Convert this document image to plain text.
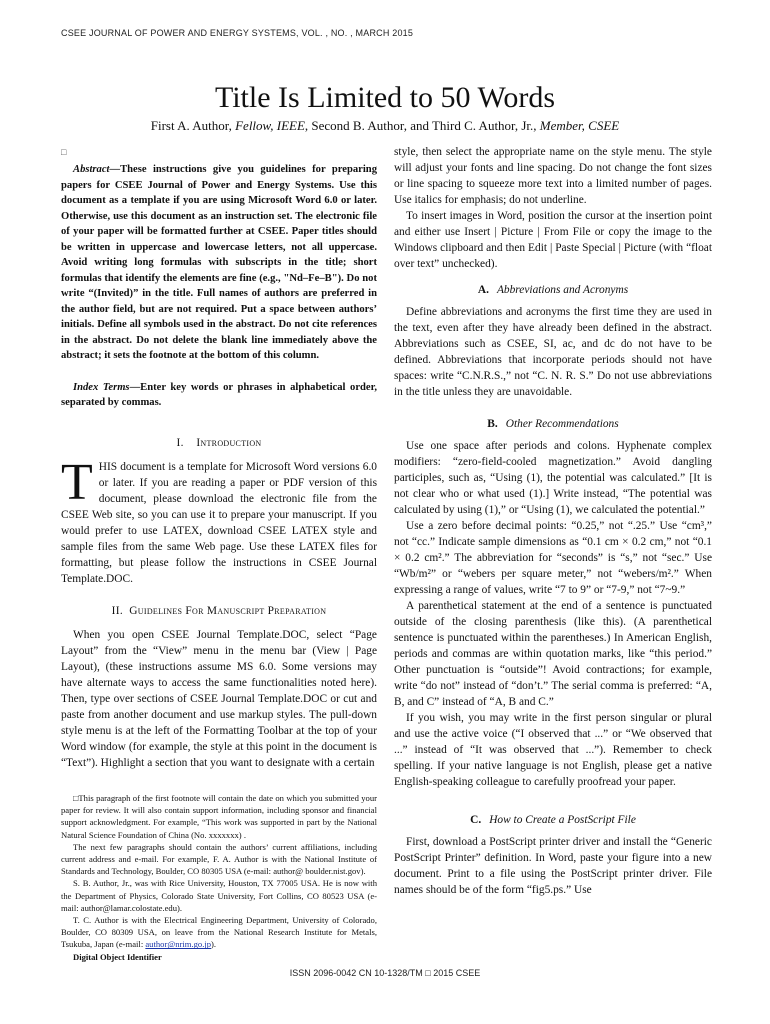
CSEE JOURNAL OF POWER AND ENERGY SYSTEMS, VOL. , NO. , MARCH 2015
Title Is Limited to 50 Words
First A. Author, Fellow, IEEE, Second B. Author, and Third C. Author, Jr., Member, CSEE
□

Abstract—These instructions give you guidelines for preparing papers for CSEE Journal of Power and Energy Systems. Use this document as a template if you are using Microsoft Word 6.0 or later. Otherwise, use this document as an instruction set. The electronic file of your paper will be formatted further at CSEE. Paper titles should be written in uppercase and lowercase letters, not all uppercase. Avoid writing long formulas with subscripts in the title; short formulas that identify the elements are fine (e.g., "Nd–Fe–B"). Do not write “(Invited)” in the title. Full names of authors are preferred in the author field, but are not required. Put a space between authors’ initials. Define all symbols used in the abstract. Do not cite references in the abstract. Do not delete the blank line immediately above the abstract; it sets the footnote at the bottom of this column.

Index Terms—Enter key words or phrases in alphabetical order, separated by commas.

I. Introduction

THIS document is a template for Microsoft Word versions 6.0 or later. If you are reading a paper or PDF version of this document, please download the electronic file from the CSEE Web site, so you can use it to prepare your manuscript. If you would prefer to use LATEX, download CSEE LATEX style and sample files from the same Web page. Use these LATEX files for formatting, but please follow the instructions in CSEE Journal Template.DOC.

II. Guidelines For Manuscript Preparation

When you open CSEE Journal Template.DOC, select “Page Layout” from the “View” menu in the menu bar (View | Page Layout), (these instructions assume MS 6.0. Some versions may have alternate ways to access the same functionalities noted here). Then, type over sections of CSEE Journal Template.DOC or cut and paste from another document and use markup styles. The pull-down style menu is at the left of the Formatting Toolbar at the top of your Word window (for example, the style at this point in the document is “Text”). Highlight a section that you want to designate with a certain

□This paragraph of the first footnote will contain the date on which you submitted your paper for review. It will also contain support information, including sponsor and financial support acknowledgment. For example, “This work was supported in part by the National Natural Science Foundation of China (No. xxxxxxx) .

The next few paragraphs should contain the authors’ current affiliations, including current address and e-mail. For example, F. A. Author is with the National Institute of Standards and Technology, Boulder, CO 80305 USA (e-mail: author@ boulder.nist.gov).

S. B. Author, Jr., was with Rice University, Houston, TX 77005 USA. He is now with the Department of Physics, Colorado State University, Fort Collins, CO 80523 USA (e-mail: author@lamar.colostate.edu).

T. C. Author is with the Electrical Engineering Department, University of Colorado, Boulder, CO 80309 USA, on leave from the National Research Institute for Metals, Tsukuba, Japan (e-mail: author@nrim.go.jp).

Digital Object Identifier

style, then select the appropriate name on the style menu. The style will adjust your fonts and line spacing. Do not change the font sizes or line spacing to squeeze more text into a limited number of pages. Use italics for emphasis; do not underline.

To insert images in Word, position the cursor at the insertion point and either use Insert | Picture | From File or copy the image to the Windows clipboard and then Edit | Paste Special | Picture (with “float over text” unchecked).

A. Abbreviations and Acronyms

Define abbreviations and acronyms the first time they are used in the text, even after they have already been defined in the abstract. Abbreviations such as CSEE, SI, ac, and dc do not have to be defined. Abbreviations that incorporate periods should not have spaces: write “C.N.R.S.,” not “C. N. R. S.” Do not use abbreviations in the title unless they are unavoidable.

B. Other Recommendations

Use one space after periods and colons. Hyphenate complex modifiers: “zero-field-cooled magnetization.” Avoid dangling participles, such as, “Using (1), the potential was calculated.” [It is not clear who or what used (1).] Write instead, “The potential was calculated by using (1),” or “Using (1), we calculated the potential.”

Use a zero before decimal points: “0.25,” not “.25.” Use “cm³,” not “cc.” Indicate sample dimensions as “0.1 cm × 0.2 cm,” not “0.1 × 0.2 cm².” The abbreviation for “seconds” is “s,” not “sec.” Use “Wb/m²” or “webers per square meter,” not “webers/m².” When expressing a range of values, write “7 to 9” or “7-9,” not “7~9.”

A parenthetical statement at the end of a sentence is punctuated outside of the closing parenthesis (like this). (A parenthetical sentence is punctuated within the parentheses.) In American English, periods and commas are within quotation marks, like “this period.” Other punctuation is “outside”! Avoid contractions; for example, write “do not” instead of “don’t.” The serial comma is preferred: “A, B, and C” instead of “A, B and C.”

If you wish, you may write in the first person singular or plural and use the active voice (“I observed that ...” or “We observed that ...” instead of “It was observed that ...”). Remember to check spelling. If your native language is not English, please get a native English-speaking colleague to carefully proofread your paper.

C. How to Create a PostScript File

First, download a PostScript printer driver and install the “Generic PostScript Printer” definition. In Word, paste your figure into a new document. Print to a file using the PostScript printer driver. File names should be of the form “fig5.ps.” Use

ISSN 2096-0042 CN 10-1328/TM □ 2015 CSEE
